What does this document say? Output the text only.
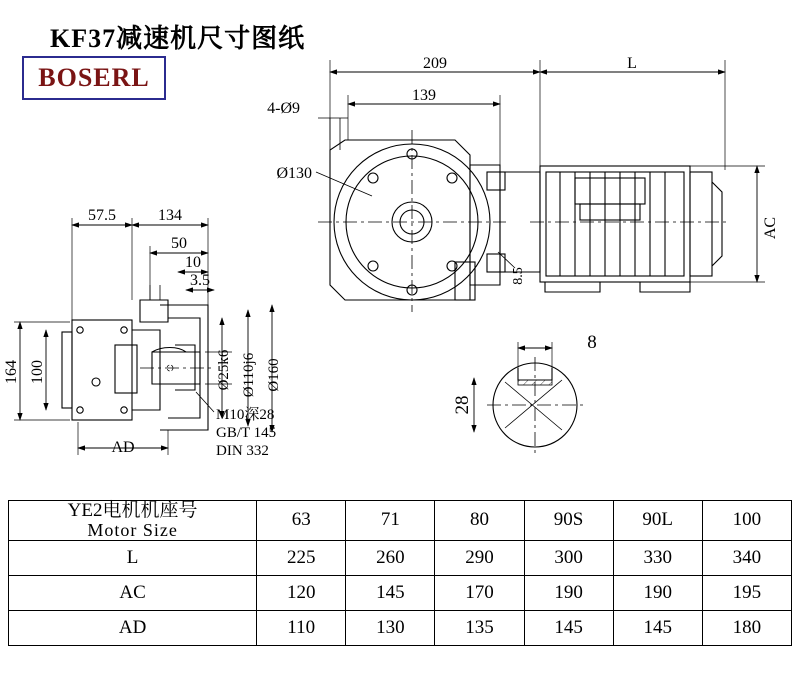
KF37减速机尺寸图纸
BOSERL	209	L
139
4-Ø9
Ø130
8.5
AC
57.5	134
50
10
3.5
Ø25k6 Ø110j6 Ø160
164 100
AD
M10深28
GB/T 145
DIN 332
8
28
YE2电机机座号
Motor Size	63	71	80	90S	90L	100
L	225	260	290	300	330	340
AC	120	145	170	190	190	195
AD	110	130	135	145	145	180
